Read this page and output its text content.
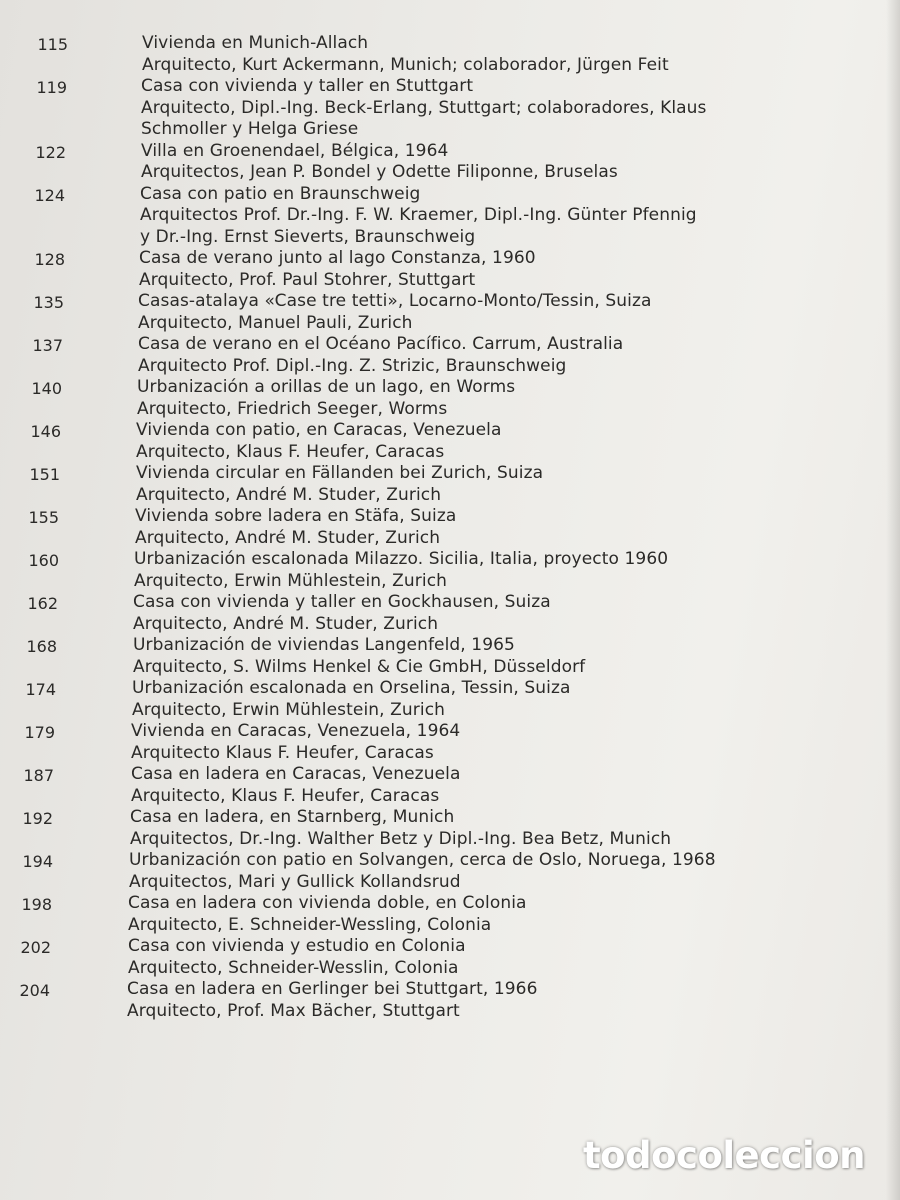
115	Vivienda en Munich-Allach
Arquitecto, Kurt Ackermann, Munich; colaborador, Jürgen Feit
119	Casa con vivienda y taller en Stuttgart
Arquitecto, Dipl.-Ing. Beck-Erlang, Stuttgart; colaboradores, Klaus
Schmoller y Helga Griese
122	Villa en Groenendael, Bélgica, 1964
Arquitectos, Jean P. Bondel y Odette Filiponne, Bruselas
124	Casa con patio en Braunschweig
Arquitectos Prof. Dr.-Ing. F. W. Kraemer, Dipl.-Ing. Günter Pfennig
y Dr.-Ing. Ernst Sieverts, Braunschweig
128	Casa de verano junto al lago Constanza, 1960
Arquitecto, Prof. Paul Stohrer, Stuttgart
135	Casas-atalaya «Case tre tetti», Locarno-Monto/Tessin, Suiza
Arquitecto, Manuel Pauli, Zurich
137	Casa de verano en el Océano Pacífico. Carrum, Australia
Arquitecto Prof. Dipl.-Ing. Z. Strizic, Braunschweig
140	Urbanización a orillas de un lago, en Worms
Arquitecto, Friedrich Seeger, Worms
146	Vivienda con patio, en Caracas, Venezuela
Arquitecto, Klaus F. Heufer, Caracas
151	Vivienda circular en Fällanden bei Zurich, Suiza
Arquitecto, André M. Studer, Zurich
155	Vivienda sobre ladera en Stäfa, Suiza
Arquitecto, André M. Studer, Zurich
160	Urbanización escalonada Milazzo. Sicilia, Italia, proyecto 1960
Arquitecto, Erwin Mühlestein, Zurich
162	Casa con vivienda y taller en Gockhausen, Suiza
Arquitecto, André M. Studer, Zurich
168	Urbanización de viviendas Langenfeld, 1965
Arquitecto, S. Wilms Henkel & Cie GmbH, Düsseldorf
174	Urbanización escalonada en Orselina, Tessin, Suiza
Arquitecto, Erwin Mühlestein, Zurich
179	Vivienda en Caracas, Venezuela, 1964
Arquitecto Klaus F. Heufer, Caracas
187	Casa en ladera en Caracas, Venezuela
Arquitecto, Klaus F. Heufer, Caracas
192	Casa en ladera, en Starnberg, Munich
Arquitectos, Dr.-Ing. Walther Betz y Dipl.-Ing. Bea Betz, Munich
194	Urbanización con patio en Solvangen, cerca de Oslo, Noruega, 1968
Arquitectos, Mari y Gullick Kollandsrud
198	Casa en ladera con vivienda doble, en Colonia
Arquitecto, E. Schneider-Wessling, Colonia
202	Casa con vivienda y estudio en Colonia
Arquitecto, Schneider-Wesslin, Colonia
204	Casa en ladera en Gerlinger bei Stuttgart, 1966
Arquitecto, Prof. Max Bächer, Stuttgart
todocoleccion
